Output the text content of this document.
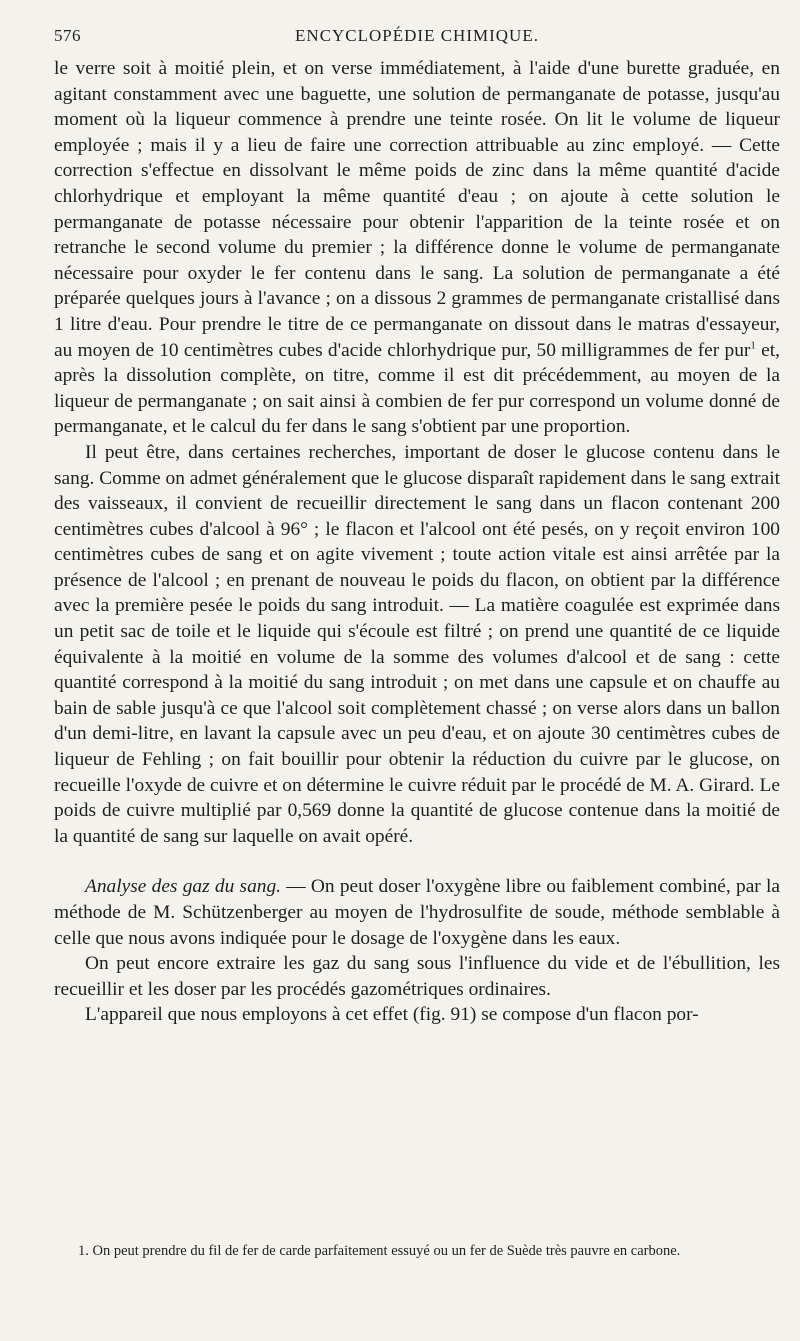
576	ENCYCLOPÉDIE CHIMIQUE.

le verre soit à moitié plein, et on verse immédiatement, à l'aide d'une burette graduée, en agitant constamment avec une baguette, une solution de permanganate de potasse, jusqu'au moment où la liqueur commence à prendre une teinte rosée. On lit le volume de liqueur employée ; mais il y a lieu de faire une correction attribuable au zinc employé. — Cette correction s'effectue en dissolvant le même poids de zinc dans la même quantité d'acide chlorhydrique et employant la même quantité d'eau ; on ajoute à cette solution le permanganate de potasse nécessaire pour obtenir l'apparition de la teinte rosée et on retranche le second volume du premier ; la différence donne le volume de permanganate nécessaire pour oxyder le fer contenu dans le sang. La solution de permanganate a été préparée quelques jours à l'avance ; on a dissous 2 grammes de permanganate cristallisé dans 1 litre d'eau. Pour prendre le titre de ce permanganate on dissout dans le matras d'essayeur, au moyen de 10 centimètres cubes d'acide chlorhydrique pur, 50 milligrammes de fer pur$^1$ et, après la dissolution complète, on titre, comme il est dit précédemment, au moyen de la liqueur de permanganate ; on sait ainsi à combien de fer pur correspond un volume donné de permanganate, et le calcul du fer dans le sang s'obtient par une proportion.

Il peut être, dans certaines recherches, important de doser le glucose contenu dans le sang. Comme on admet généralement que le glucose disparaît rapidement dans le sang extrait des vaisseaux, il convient de recueillir directement le sang dans un flacon contenant 200 centimètres cubes d'alcool à 96° ; le flacon et l'alcool ont été pesés, on y reçoit environ 100 centimètres cubes de sang et on agite vivement ; toute action vitale est ainsi arrêtée par la présence de l'alcool ; en prenant de nouveau le poids du flacon, on obtient par la différence avec la première pesée le poids du sang introduit. — La matière coagulée est exprimée dans un petit sac de toile et le liquide qui s'écoule est filtré ; on prend une quantité de ce liquide équivalente à la moitié en volume de la somme des volumes d'alcool et de sang : cette quantité correspond à la moitié du sang introduit ; on met dans une capsule et on chauffe au bain de sable jusqu'à ce que l'alcool soit complètement chassé ; on verse alors dans un ballon d'un demi-litre, en lavant la capsule avec un peu d'eau, et on ajoute 30 centimètres cubes de liqueur de Fehling ; on fait bouillir pour obtenir la réduction du cuivre par le glucose, on recueille l'oxyde de cuivre et on détermine le cuivre réduit par le procédé de M. A. Girard. Le poids de cuivre multiplié par 0,569 donne la quantité de glucose contenue dans la moitié de la quantité de sang sur laquelle on avait opéré.

Analyse des gaz du sang. — On peut doser l'oxygène libre ou faiblement combiné, par la méthode de M. Schützenberger au moyen de l'hydrosulfite de soude, méthode semblable à celle que nous avons indiquée pour le dosage de l'oxygène dans les eaux.

On peut encore extraire les gaz du sang sous l'influence du vide et de l'ébullition, les recueillir et les doser par les procédés gazométriques ordinaires.

L'appareil que nous employons à cet effet (fig. 91) se compose d'un flacon por-

1. On peut prendre du fil de fer de carde parfaitement essuyé ou un fer de Suède très pauvre en carbone.
